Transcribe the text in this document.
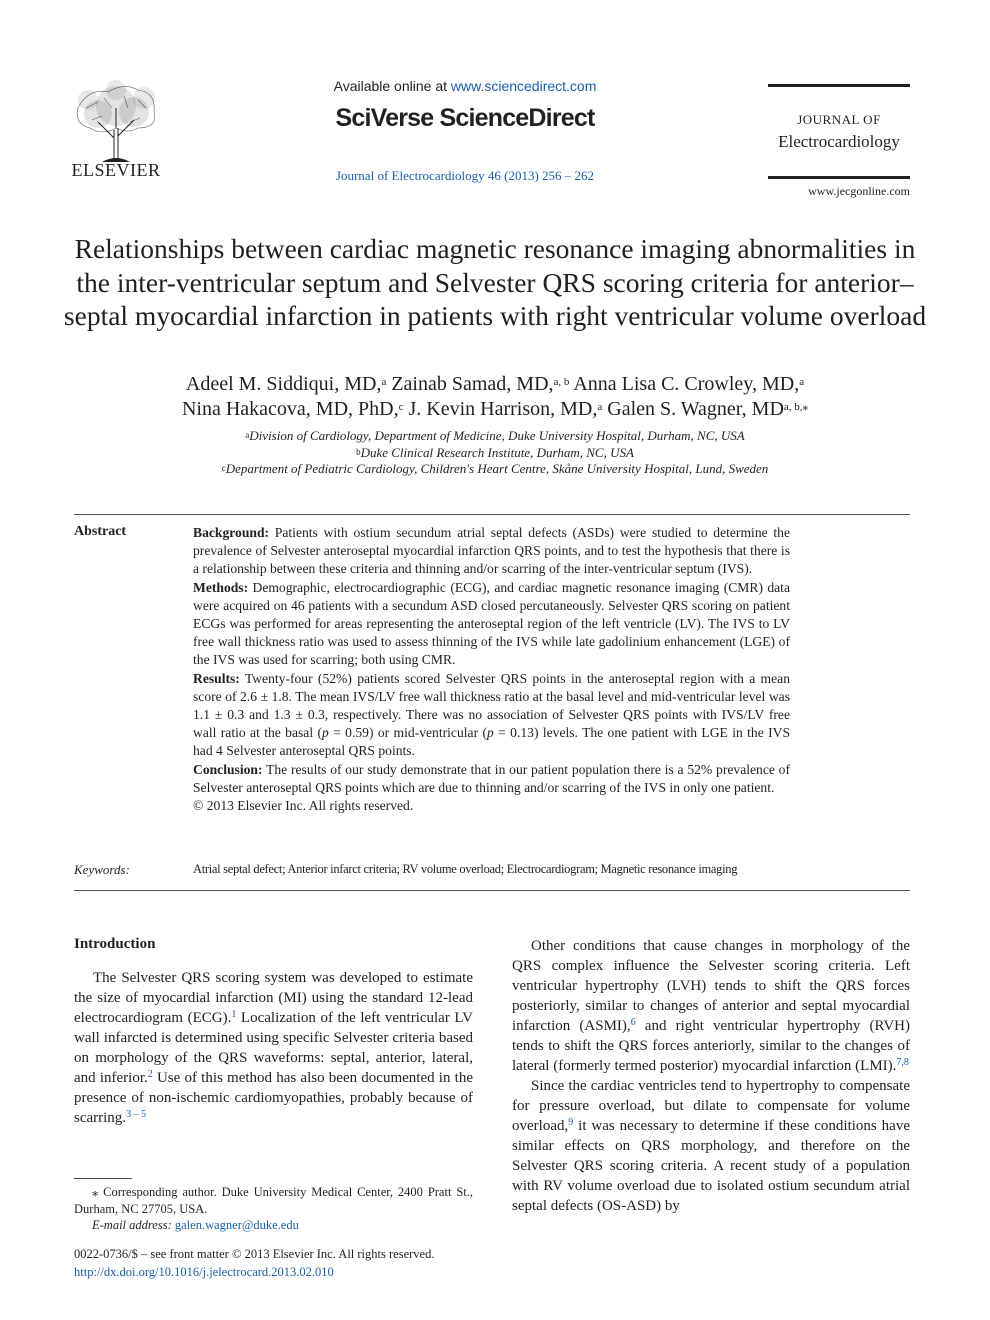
ELSEVIER
Available online at www.sciencedirect.com
SciVerse ScienceDirect
Journal of Electrocardiology 46 (2013) 256 – 262
JOURNAL OF
Electrocardiology
www.jecgonline.com
Relationships between cardiac magnetic resonance imaging abnormalities in the inter-ventricular septum and Selvester QRS scoring criteria for anterior–septal myocardial infarction in patients with right ventricular volume overload
Adeel M. Siddiqui, MD,$^a$ Zainab Samad, MD,$^{a, b}$ Anna Lisa C. Crowley, MD,$^a$
Nina Hakacova, MD, PhD,$^c$ J. Kevin Harrison, MD,$^a$ Galen S. Wagner, $MD^{a, b,⁎}$
$^a$Division of Cardiology, Department of Medicine, Duke University Hospital, Durham, NC, USA
$^b$Duke Clinical Research Institute, Durham, NC, USA
$^c$Department of Pediatric Cardiology, Children's Heart Centre, Skåne University Hospital, Lund, Sweden
Abstract	Background: Patients with ostium secundum atrial septal defects (ASDs) were studied to determine the prevalence of Selvester anteroseptal myocardial infarction QRS points, and to test the hypothesis that there is a relationship between these criteria and thinning and/or scarring of the inter-ventricular septum (IVS).

Methods: Demographic, electrocardiographic (ECG), and cardiac magnetic resonance imaging (CMR) data were acquired on 46 patients with a secundum ASD closed percutaneously. Selvester QRS scoring on patient ECGs was performed for areas representing the anteroseptal region of the left ventricle (LV). The IVS to LV free wall thickness ratio was used to assess thinning of the IVS while late gadolinium enhancement (LGE) of the IVS was used for scarring; both using CMR.

Results: Twenty-four (52%) patients scored Selvester QRS points in the anteroseptal region with a mean score of 2.6 ± 1.8. The mean IVS/LV free wall thickness ratio at the basal level and mid-ventricular level was 1.1 ± 0.3 and 1.3 ± 0.3, respectively. There was no association of Selvester QRS points with IVS/LV free wall ratio at the basal (p = 0.59) or mid-ventricular (p = 0.13) levels. The one patient with LGE in the IVS had 4 Selvester anteroseptal QRS points.

Conclusion: The results of our study demonstrate that in our patient population there is a 52% prevalence of Selvester anteroseptal QRS points which are due to thinning and/or scarring of the IVS in only one patient.

© 2013 Elsevier Inc. All rights reserved.

Keywords:	Atrial septal defect; Anterior infarct criteria; RV volume overload; Electrocardiogram; Magnetic resonance imaging
Introduction

The Selvester QRS scoring system was developed to estimate the size of myocardial infarction (MI) using the standard 12-lead electrocardiogram (ECG).$^1$ Localization of the left ventricular LV wall infarcted is determined using specific Selvester criteria based on morphology of the QRS waveforms: septal, anterior, lateral, and inferior.$^2$ Use of this method has also been documented in the presence of non-ischemic cardiomyopathies, probably because of scarring.$^{3 - 5}$

Other conditions that cause changes in morphology of the QRS complex influence the Selvester scoring criteria. Left ventricular hypertrophy (LVH) tends to shift the QRS forces posteriorly, similar to changes of anterior and septal myocardial infarction (ASMI),$^6$ and right ventricular hypertrophy (RVH) tends to shift the QRS forces anteriorly, similar to the changes of lateral (formerly termed posterior) myocardial infarction (LMI).$^{7,8}$

Since the cardiac ventricles tend to hypertrophy to compensate for pressure overload, but dilate to compensate for volume overload,$^9$ it was necessary to determine if these conditions have similar effects on QRS morphology, and therefore on the Selvester QRS scoring criteria. A recent study of a population with RV volume overload due to isolated ostium secundum atrial septal defects (OS-ASD) by

⁎ Corresponding author. Duke University Medical Center, 2400 Pratt St., Durham, NC 27705, USA.

E-mail address: galen.wagner@duke.edu

0022-0736/$ – see front matter © 2013 Elsevier Inc. All rights reserved.
http://dx.doi.org/10.1016/j.jelectrocard.2013.02.010
